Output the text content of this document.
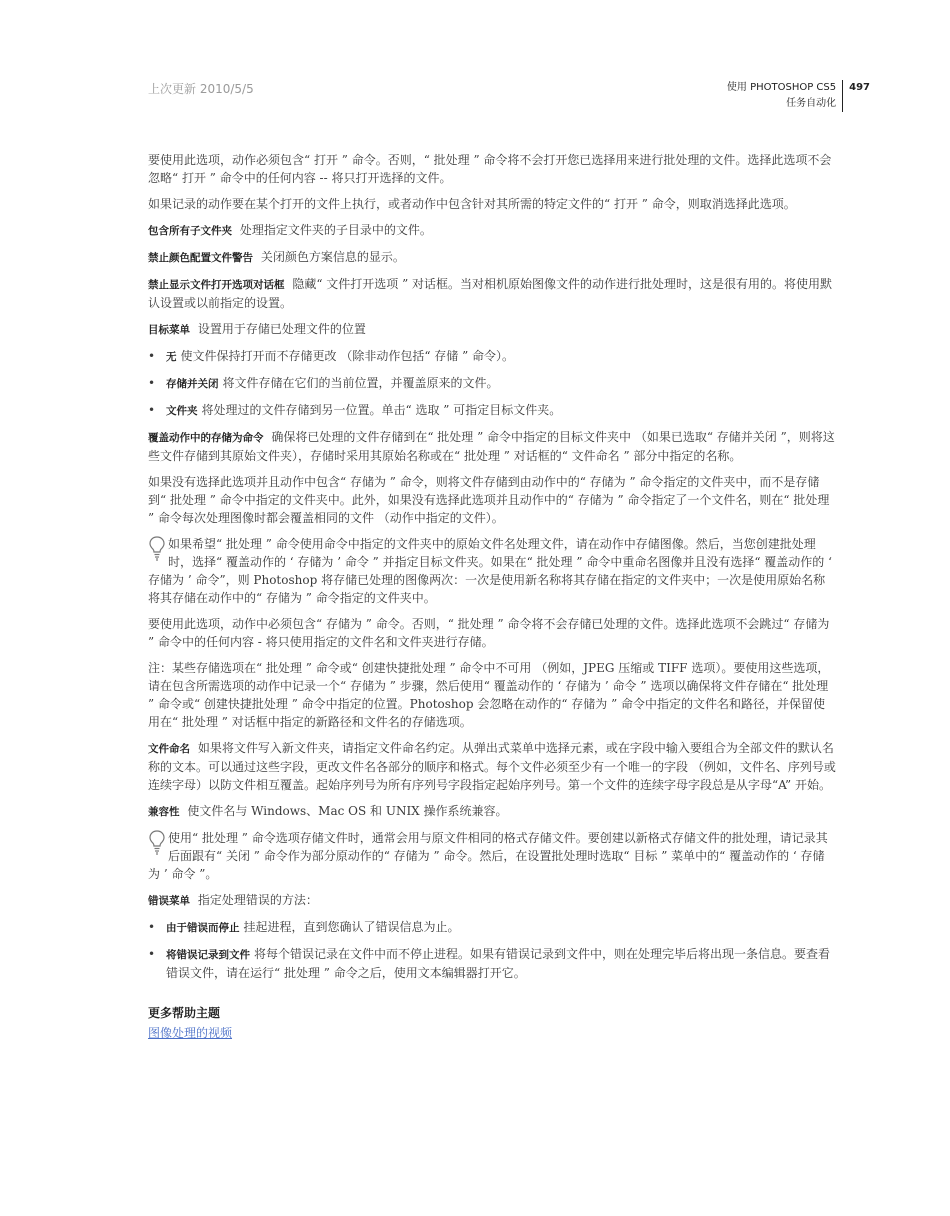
上次更新 2010/5/5	使用 PHOTOSHOP CS5
任务自动化497

要使用此选项，动作必须包含“ 打开 ” 命令。否则，“ 批处理 ” 命令将不会打开您已选择用来进行批处理的文件。选择此选项不会忽略“ 打开 ” 命令中的任何内容 -- 将只打开选择的文件。

如果记录的动作要在某个打开的文件上执行，或者动作中包含针对其所需的特定文件的“ 打开 ” 命令，则取消选择此选项。

包含所有子文件夹 处理指定文件夹的子目录中的文件。

禁止颜色配置文件警告 关闭颜色方案信息的显示。

禁止显示文件打开选项对话框 隐藏“ 文件打开选项 ” 对话框。当对相机原始图像文件的动作进行批处理时，这是很有用的。将使用默认设置或以前指定的设置。

目标菜单 设置用于存储已处理文件的位置

• 无 使文件保持打开而不存储更改 （除非动作包括“ 存储 ” 命令）。
• 存储并关闭 将文件存储在它们的当前位置，并覆盖原来的文件。
• 文件夹 将处理过的文件存储到另一位置。单击“ 选取 ” 可指定目标文件夹。

覆盖动作中的存储为命令 确保将已处理的文件存储到在“ 批处理 ” 命令中指定的目标文件夹中 （如果已选取“ 存储并关闭 ”，则将这些文件存储到其原始文件夹），存储时采用其原始名称或在“ 批处理 ” 对话框的“ 文件命名 ” 部分中指定的名称。

如果没有选择此选项并且动作中包含“ 存储为 ” 命令，则将文件存储到由动作中的“ 存储为 ” 命令指定的文件夹中，而不是存储到“ 批处理 ” 命令中指定的文件夹中。此外，如果没有选择此选项并且动作中的“ 存储为 ” 命令指定了一个文件名，则在“ 批处理 ” 命令每次处理图像时都会覆盖相同的文件 （动作中指定的文件）。

如果希望“ 批处理 ” 命令使用命令中指定的文件夹中的原始文件名处理文件，请在动作中存储图像。然后，当您创建批处理时，选择“ 覆盖动作的 ‘ 存储为 ’ 命令 ” 并指定目标文件夹。如果在“ 批处理 ” 命令中重命名图像并且没有选择“ 覆盖动作的 ‘ 存储为 ’ 命令”，则 Photoshop 将存储已处理的图像两次：一次是使用新名称将其存储在指定的文件夹中；一次是使用原始名称将其存储在动作中的“ 存储为 ” 命令指定的文件夹中。

要使用此选项，动作中必须包含“ 存储为 ” 命令。否则，“ 批处理 ” 命令将不会存储已处理的文件。选择此选项不会跳过“ 存储为 ” 命令中的任何内容 - 将只使用指定的文件名和文件夹进行存储。

注：某些存储选项在“ 批处理 ” 命令或“ 创建快捷批处理 ” 命令中不可用 （例如，JPEG 压缩或 TIFF 选项）。要使用这些选项，请在包含所需选项的动作中记录一个“ 存储为 ” 步骤，然后使用“ 覆盖动作的 ‘ 存储为 ’ 命令 ” 选项以确保将文件存储在“ 批处理 ” 命令或“ 创建快捷批处理 ” 命令中指定的位置。Photoshop 会忽略在动作的“ 存储为 ” 命令中指定的文件名和路径，并保留使用在“ 批处理 ” 对话框中指定的新路径和文件名的存储选项。

文件命名 如果将文件写入新文件夹，请指定文件命名约定。从弹出式菜单中选择元素，或在字段中输入要组合为全部文件的默认名称的文本。可以通过这些字段，更改文件名各部分的顺序和格式。每个文件必须至少有一个唯一的字段 （例如，文件名、序列号或连续字母）以防文件相互覆盖。起始序列号为所有序列号字段指定起始序列号。第一个文件的连续字母字段总是从字母“A” 开始。

兼容性 使文件名与 Windows、Mac OS 和 UNIX 操作系统兼容。

使用“ 批处理 ” 命令选项存储文件时，通常会用与原文件相同的格式存储文件。要创建以新格式存储文件的批处理，请记录其后面跟有“ 关闭 ” 命令作为部分原动作的“ 存储为 ” 命令。然后，在设置批处理时选取“ 目标 ” 菜单中的“ 覆盖动作的 ‘ 存储为 ’ 命令 ”。

错误菜单 指定处理错误的方法：

• 由于错误而停止 挂起进程，直到您确认了错误信息为止。
• 将错误记录到文件 将每个错误记录在文件中而不停止进程。如果有错误记录到文件中，则在处理完毕后将出现一条信息。要查看错误文件，请在运行“ 批处理 ” 命令之后，使用文本编辑器打开它。
更多帮助主题
图像处理的视频
